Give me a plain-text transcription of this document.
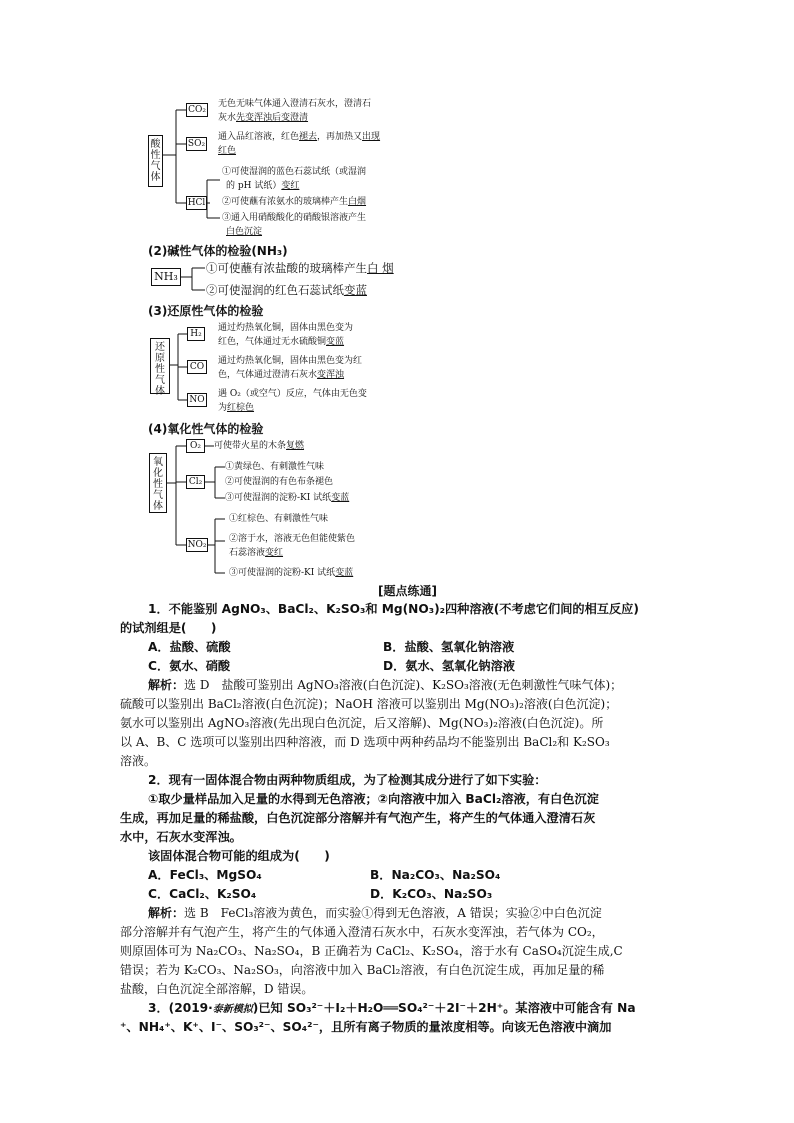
酸性气体
CO₂
无色无味气体通入澄清石灰水，澄清石
灰水先变浑浊后变澄清
SO₂
通入品红溶液，红色褪去，再加热又出现
红色
HCl
①可使湿润的蓝色石蕊试纸（或湿润
的 pH 试纸）变红
②可使蘸有浓氨水的玻璃棒产生白烟
③通入用硝酸酸化的硝酸银溶液产生
白色沉淀
(2)碱性气体的检验(NH₃)
NH₃
①可使蘸有浓盐酸的玻璃棒产生白 烟
②可使湿润的红色石蕊试纸变蓝
(3)还原性气体的检验
还原性气体
H₂
通过灼热氧化铜，固体由黑色变为
红色，气体通过无水硫酸铜变蓝
CO
通过灼热氧化铜，固体由黑色变为红
色，气体通过澄清石灰水变浑浊
NO
遇 O₂（或空气）反应，气体由无色变
为红棕色
(4)氧化性气体的检验
氧化性气体
O₂	可使带火星的木条复燃
Cl₂
①黄绿色、有刺激性气味
②可使湿润的有色布条褪色
③可使湿润的淀粉-KI 试纸变蓝
NO₂
①红棕色、有刺激性气味
②溶于水，溶液无色但能使紫色
石蕊溶液变红
③可使湿润的淀粉-KI 试纸变蓝
[题点练通]
1．不能鉴别 AgNO₃、BaCl₂、K₂SO₃和 Mg(NO₃)₂四种溶液(不考虑它们间的相互反应)
的试剂组是(　　)
A．盐酸、硫酸	B．盐酸、氢氧化钠溶液
C．氨水、硝酸	D．氨水、氢氧化钠溶液
解析：选 D　盐酸可鉴别出 AgNO₃溶液(白色沉淀)、K₂SO₃溶液(无色刺激性气味气体)；
硫酸可以鉴别出 BaCl₂溶液(白色沉淀)；NaOH 溶液可以鉴别出 Mg(NO₃)₂溶液(白色沉淀)；
氨水可以鉴别出 AgNO₃溶液(先出现白色沉淀，后又溶解)、Mg(NO₃)₂溶液(白色沉淀)。所
以 A、B、C 选项可以鉴别出四种溶液，而 D 选项中两种药品均不能鉴别出 BaCl₂和 K₂SO₃
溶液。
2．现有一固体混合物由两种物质组成，为了检测其成分进行了如下实验：
①取少量样品加入足量的水得到无色溶液；②向溶液中加入 BaCl₂溶液，有白色沉淀
生成，再加足量的稀盐酸，白色沉淀部分溶解并有气泡产生，将产生的气体通入澄清石灰
水中，石灰水变浑浊。
该固体混合物可能的组成为(　　)
A．FeCl₃、MgSO₄	B．Na₂CO₃、Na₂SO₄
C．CaCl₂、K₂SO₄	D．K₂CO₃、Na₂SO₃
解析：选 B　FeCl₃溶液为黄色，而实验①得到无色溶液，A 错误；实验②中白色沉淀
部分溶解并有气泡产生，将产生的气体通入澄清石灰水中，石灰水变浑浊，若气体为 CO₂，
则原固体可为 Na₂CO₃、Na₂SO₄，B 正确若为 CaCl₂、K₂SO₄，溶于水有 CaSO₄沉淀生成,C
错误；若为 K₂CO₃、Na₂SO₃，向溶液中加入 BaCl₂溶液，有白色沉淀生成，再加足量的稀
盐酸，白色沉淀全部溶解，D 错误。
3．(2019·泰新模拟)已知 SO₃²⁻＋I₂＋H₂O══SO₄²⁻＋2I⁻＋2H⁺。某溶液中可能含有 Na
⁺、NH₄⁺、K⁺、I⁻、SO₃²⁻、SO₄²⁻，且所有离子物质的量浓度相等。向该无色溶液中滴加
